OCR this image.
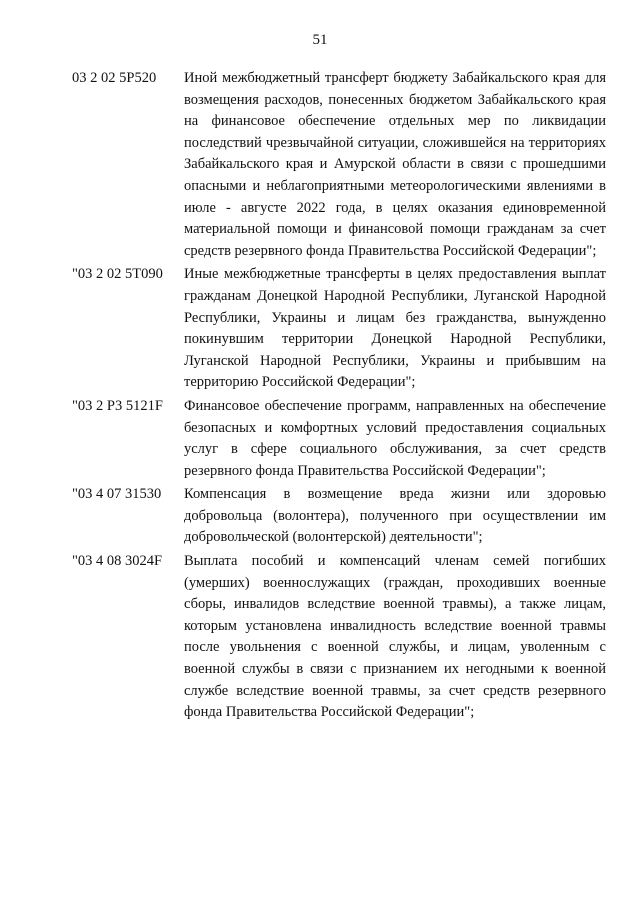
51
03 2 02 5P520	Иной межбюджетный трансферт бюджету Забайкальского края для возмещения расходов, понесенных бюджетом Забайкальского края на финансовое обеспечение отдельных мер по ликвидации последствий чрезвычайной ситуации, сложившейся на территориях Забайкальского края и Амурской области в связи с прошедшими опасными и неблагоприятными метеорологическими явлениями в июле - августе 2022 года, в целях оказания единовременной материальной помощи и финансовой помощи гражданам за счет средств резервного фонда Правительства Российской Федерации";
"03 2 02 5T090	Иные межбюджетные трансферты в целях предоставления выплат гражданам Донецкой Народной Республики, Луганской Народной Республики, Украины и лицам без гражданства, вынужденно покинувшим территории Донецкой Народной Республики, Луганской Народной Республики, Украины и прибывшим на территорию Российской Федерации";
"03 2 P3 5121F	Финансовое обеспечение программ, направленных на обеспечение безопасных и комфортных условий предоставления социальных услуг в сфере социального обслуживания, за счет средств резервного фонда Правительства Российской Федерации";
"03 4 07 31530	Компенсация в возмещение вреда жизни или здоровью добровольца (волонтера), полученного при осуществлении им добровольческой (волонтерской) деятельности";
"03 4 08 3024F	Выплата пособий и компенсаций членам семей погибших (умерших) военнослужащих (граждан, проходивших военные сборы, инвалидов вследствие военной травмы), а также лицам, которым установлена инвалидность вследствие военной травмы после увольнения с военной службы, и лицам, уволенным с военной службы в связи с признанием их негодными к военной службе вследствие военной травмы, за счет средств резервного фонда Правительства Российской Федерации";
